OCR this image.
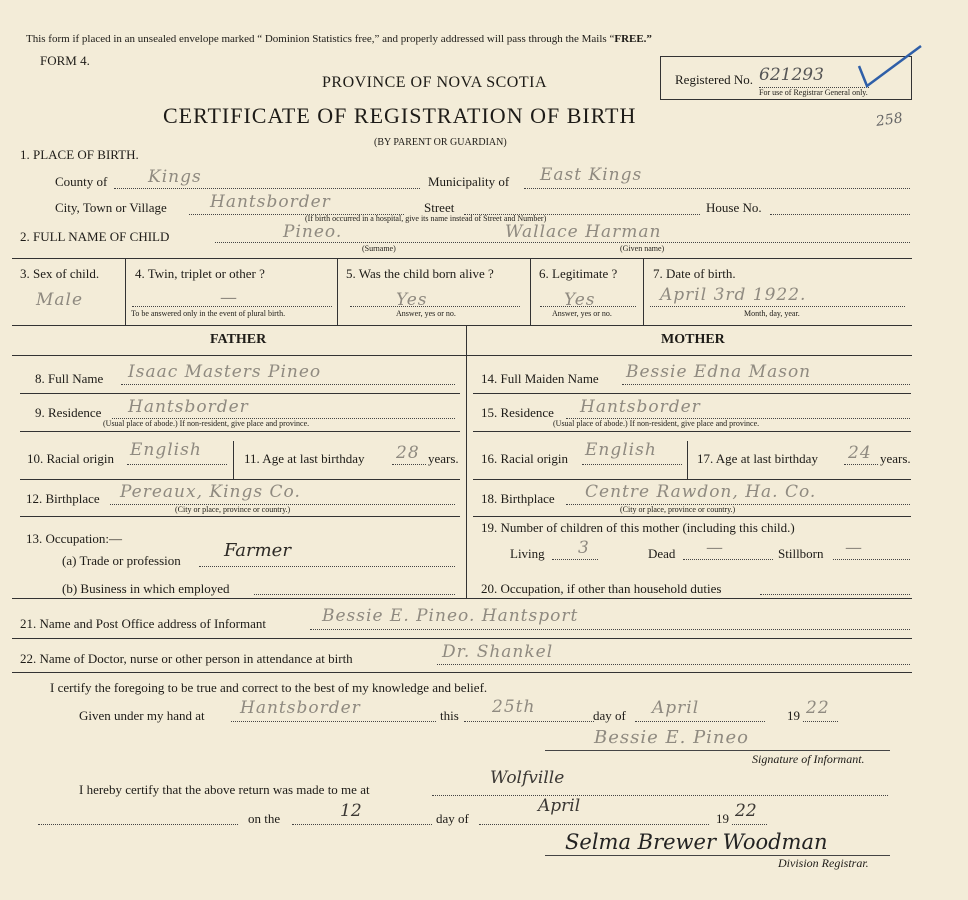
This form if placed in an unsealed envelope marked “ Dominion Statistics free,” and properly addressed will pass through the Mails “FREE.”
FORM 4.
PROVINCE OF NOVA SCOTIA
CERTIFICATE OF REGISTRATION OF BIRTH
(BY PARENT OR GUARDIAN)
Registered No. 621293
For use of Registrar General only.
258
1. PLACE OF BIRTH.
County of Kings	Municipality of East Kings
City, Town or Village	Hantsborder	Street	House No.
(If birth occurred in a hospital, give its name instead of Street and Number)
2. FULL NAME OF CHILD	Pineo.	Wallace Harman
(Surname)	(Given name)
3. Sex of child.
Male
4. Twin, triplet or other ?
—
To be answered only in the event of plural birth.
5. Was the child born alive ?
Yes
Answer, yes or no.
6. Legitimate ?
Yes
Answer, yes or no.
7. Date of birth.
April 3rd 1922.
Month, day, year.
FATHER	MOTHER
8. Full Name Isaac Masters Pineo
9. Residence Hantsborder
(Usual place of abode.) If non-resident, give place and province.
10. Racial origin English	11. Age at last birthday 28 years.
12. Birthplace Pereaux, Kings Co.
(City or place, province or country.)
13. Occupation:—
(a) Trade or profession Farmer
(b) Business in which employed
14. Full Maiden Name Bessie Edna Mason
15. Residence Hantsborder
(Usual place of abode.) If non-resident, give place and province.
16. Racial origin English	17. Age at last birthday 24 years.
18. Birthplace Centre Rawdon, Ha. Co.
(City or place, province or country.)
19. Number of children of this mother (including this child.)
Living 3	Dead —	Stillborn —
20. Occupation, if other than household duties
21. Name and Post Office address of Informant	Bessie E. Pineo. Hantsport
22. Name of Doctor, nurse or other person in attendance at birth	Dr. Shankel
I certify the foregoing to be true and correct to the best of my knowledge and belief.
Given under my hand at Hantsborder	this 25th	day of April	19 22
Bessie E. Pineo
Signature of Informant.
I hereby certify that the above return was made to me at
Wolfville
on the	12	day of
April
19 22
Selma Brewer Woodman
Division Registrar.
